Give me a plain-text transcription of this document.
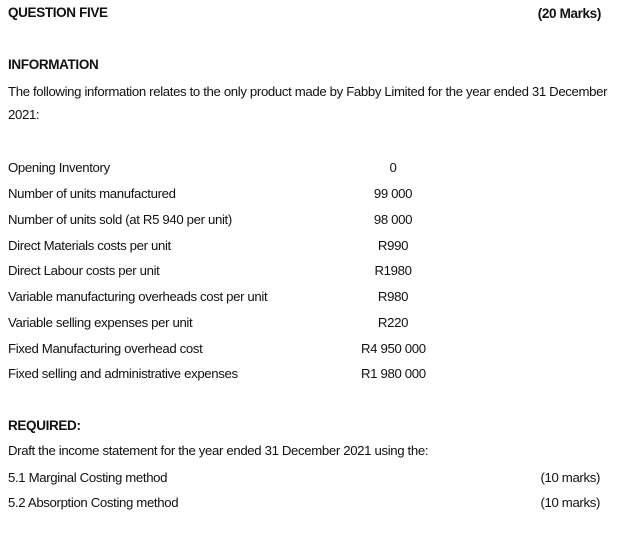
QUESTION FIVE	(20 Marks)
INFORMATION
The following information relates to the only product made by Fabby Limited for the year ended 31 December 2021:
Opening Inventory	0
Number of units manufactured	99 000
Number of units sold (at R5 940 per unit)	98 000
Direct Materials costs per unit	R990
Direct Labour costs per unit	R1980
Variable manufacturing overheads cost per unit	R980
Variable selling expenses per unit	R220
Fixed Manufacturing overhead cost	R4 950 000
Fixed selling and administrative expenses	R1 980 000
REQUIRED:
Draft the income statement for the year ended 31 December 2021 using the:
5.1 Marginal Costing method	(10 marks)
5.2 Absorption Costing method	(10 marks)
